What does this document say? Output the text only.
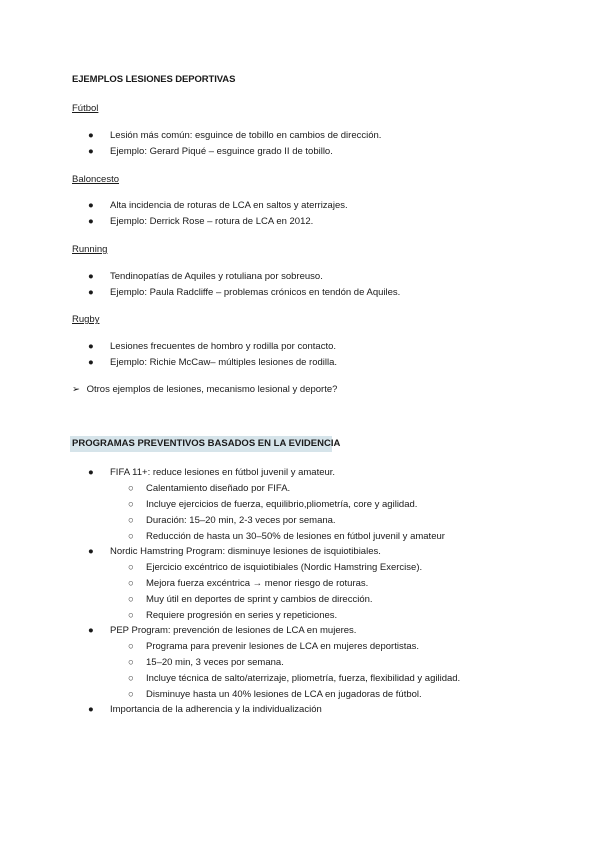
EJEMPLOS LESIONES DEPORTIVAS
Fútbol
● Lesión más común: esguince de tobillo en cambios de dirección.
● Ejemplo: Gerard Piqué – esguince grado II de tobillo.
Baloncesto
● Alta incidencia de roturas de LCA en saltos y aterrizajes.
● Ejemplo: Derrick Rose – rotura de LCA en 2012.
Running
● Tendinopatías de Aquiles y rotuliana por sobreuso.
● Ejemplo: Paula Radcliffe – problemas crónicos en tendón de Aquiles.
Rugby
● Lesiones frecuentes de hombro y rodilla por contacto.
● Ejemplo: Richie McCaw– múltiples lesiones de rodilla.
➢ Otros ejemplos de lesiones, mecanismo lesional y deporte?
PROGRAMAS PREVENTIVOS BASADOS EN LA EVIDENCIA
● FIFA 11+: reduce lesiones en fútbol juvenil y amateur.
○ Calentamiento diseñado por FIFA.
○ Incluye ejercicios de fuerza, equilibrio,pliometría, core y agilidad.
○ Duración: 15–20 min, 2-3 veces por semana.
○ Reducción de hasta un 30–50% de lesiones en fútbol juvenil y amateur
● Nordic Hamstring Program: disminuye lesiones de isquiotibiales.
○ Ejercicio excéntrico de isquiotibiales (Nordic Hamstring Exercise).
○ Mejora fuerza excéntrica → menor riesgo de roturas.
○ Muy útil en deportes de sprint y cambios de dirección.
○ Requiere progresión en series y repeticiones.
● PEP Program: prevención de lesiones de LCA en mujeres.
○ Programa para prevenir lesiones de LCA en mujeres deportistas.
○ 15–20 min, 3 veces por semana.
○ Incluye técnica de salto/aterrizaje, pliometría, fuerza, flexibilidad y agilidad.
○ Disminuye hasta un 40% lesiones de LCA en jugadoras de fútbol.
● Importancia de la adherencia y la individualización
